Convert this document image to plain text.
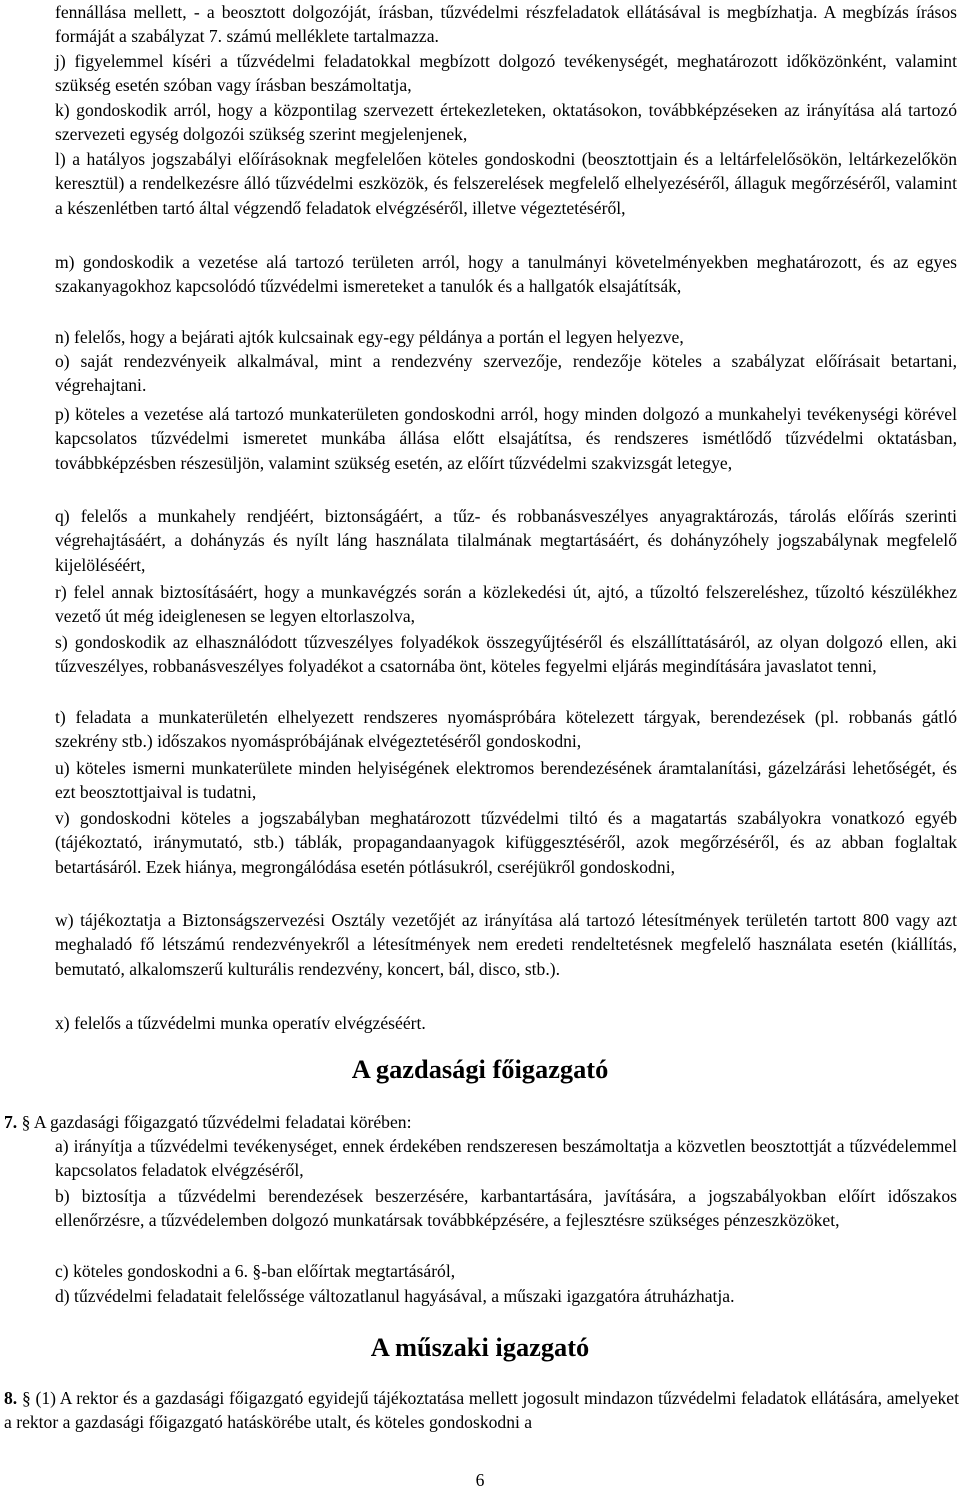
fennállása mellett, - a beosztott dolgozóját, írásban, tűzvédelmi részfeladatok ellátásával is megbízhatja. A megbízás írásos formáját a szabályzat 7. számú melléklete tartalmazza.

j) figyelemmel kíséri a tűzvédelmi feladatokkal megbízott dolgozó tevékenységét, meghatározott időközönként, valamint szükség esetén szóban vagy írásban beszámoltatja,

k) gondoskodik arról, hogy a központilag szervezett értekezleteken, oktatásokon, továbbképzéseken az irányítása alá tartozó szervezeti egység dolgozói szükség szerint megjelenjenek,

l) a hatályos jogszabályi előírásoknak megfelelően köteles gondoskodni (beosztottjain és a leltárfelelősökön, leltárkezelőkön keresztül) a rendelkezésre álló tűzvédelmi eszközök, és felszerelések megfelelő elhelyezéséről, állaguk megőrzéséről, valamint a készenlétben tartó által végzendő feladatok elvégzéséről, illetve végeztetéséről,

m) gondoskodik a vezetése alá tartozó területen arról, hogy a tanulmányi követelményekben meghatározott, és az egyes szakanyagokhoz kapcsolódó tűzvédelmi ismereteket a tanulók és a hallgatók elsajátítsák,

n) felelős, hogy a bejárati ajtók kulcsainak egy-egy példánya a portán el legyen helyezve,

o) saját rendezvényeik alkalmával, mint a rendezvény szervezője, rendezője köteles a szabályzat előírásait betartani, végrehajtani.

p) köteles a vezetése alá tartozó munkaterületen gondoskodni arról, hogy minden dolgozó a munkahelyi tevékenységi körével kapcsolatos tűzvédelmi ismeretet munkába állása előtt elsajátítsa, és rendszeres ismétlődő tűzvédelmi oktatásban, továbbképzésben részesüljön, valamint szükség esetén, az előírt tűzvédelmi szakvizsgát letegye,

q) felelős a munkahely rendjéért, biztonságáért, a tűz- és robbanásveszélyes anyagraktározás, tárolás előírás szerinti végrehajtásáért, a dohányzás és nyílt láng használata tilalmának megtartásáért, és dohányzóhely jogszabálynak megfelelő kijelöléséért,

r) felel annak biztosításáért, hogy a munkavégzés során a közlekedési út, ajtó, a tűzoltó felszereléshez, tűzoltó készülékhez vezető út még ideiglenesen se legyen eltorlaszolva,

s) gondoskodik az elhasználódott tűzveszélyes folyadékok összegyűjtéséről és elszállíttatásáról, az olyan dolgozó ellen, aki tűzveszélyes, robbanásveszélyes folyadékot a csatornába önt, köteles fegyelmi eljárás megindítására javaslatot tenni,

t) feladata a munkaterületén elhelyezett rendszeres nyomáspróbára kötelezett tárgyak, berendezések (pl. robbanás gátló szekrény stb.) időszakos nyomáspróbájának elvégeztetéséről gondoskodni,

u) köteles ismerni munkaterülete minden helyiségének elektromos berendezésének áramtalanítási, gázelzárási lehetőségét, és ezt beosztottjaival is tudatni,

v) gondoskodni köteles a jogszabályban meghatározott tűzvédelmi tiltó és a magatartás szabályokra vonatkozó egyéb (tájékoztató, iránymutató, stb.) táblák, propagandaanyagok kifüggesztéséről, azok megőrzéséről, és az abban foglaltak betartásáról. Ezek hiánya, megrongálódása esetén pótlásukról, cseréjükről gondoskodni,

w) tájékoztatja a Biztonságszervezési Osztály vezetőjét az irányítása alá tartozó létesítmények területén tartott 800 vagy azt meghaladó fő létszámú rendezvényekről a létesítmények nem eredeti rendeltetésnek megfelelő használata esetén (kiállítás, bemutató, alkalomszerű kulturális rendezvény, koncert, bál, disco, stb.).

x) felelős a tűzvédelmi munka operatív elvégzéséért.

A gazdasági főigazgató

7. § A gazdasági főigazgató tűzvédelmi feladatai körében:

a) irányítja a tűzvédelmi tevékenységet, ennek érdekében rendszeresen beszámoltatja a közvetlen beosztottját a tűzvédelemmel kapcsolatos feladatok elvégzéséről,

b) biztosítja a tűzvédelmi berendezések beszerzésére, karbantartására, javítására, a jogszabályokban előírt időszakos ellenőrzésre, a tűzvédelemben dolgozó munkatársak továbbképzésére, a fejlesztésre szükséges pénzeszközöket,

c) köteles gondoskodni a 6. §-ban előírtak megtartásáról,

d) tűzvédelmi feladatait felelőssége változatlanul hagyásával, a műszaki igazgatóra átruházhatja.

A műszaki igazgató

8. § (1) A rektor és a gazdasági főigazgató egyidejű tájékoztatása mellett jogosult mindazon tűzvédelmi feladatok ellátására, amelyeket a rektor a gazdasági főigazgató hatáskörébe utalt, és köteles gondoskodni a

6
